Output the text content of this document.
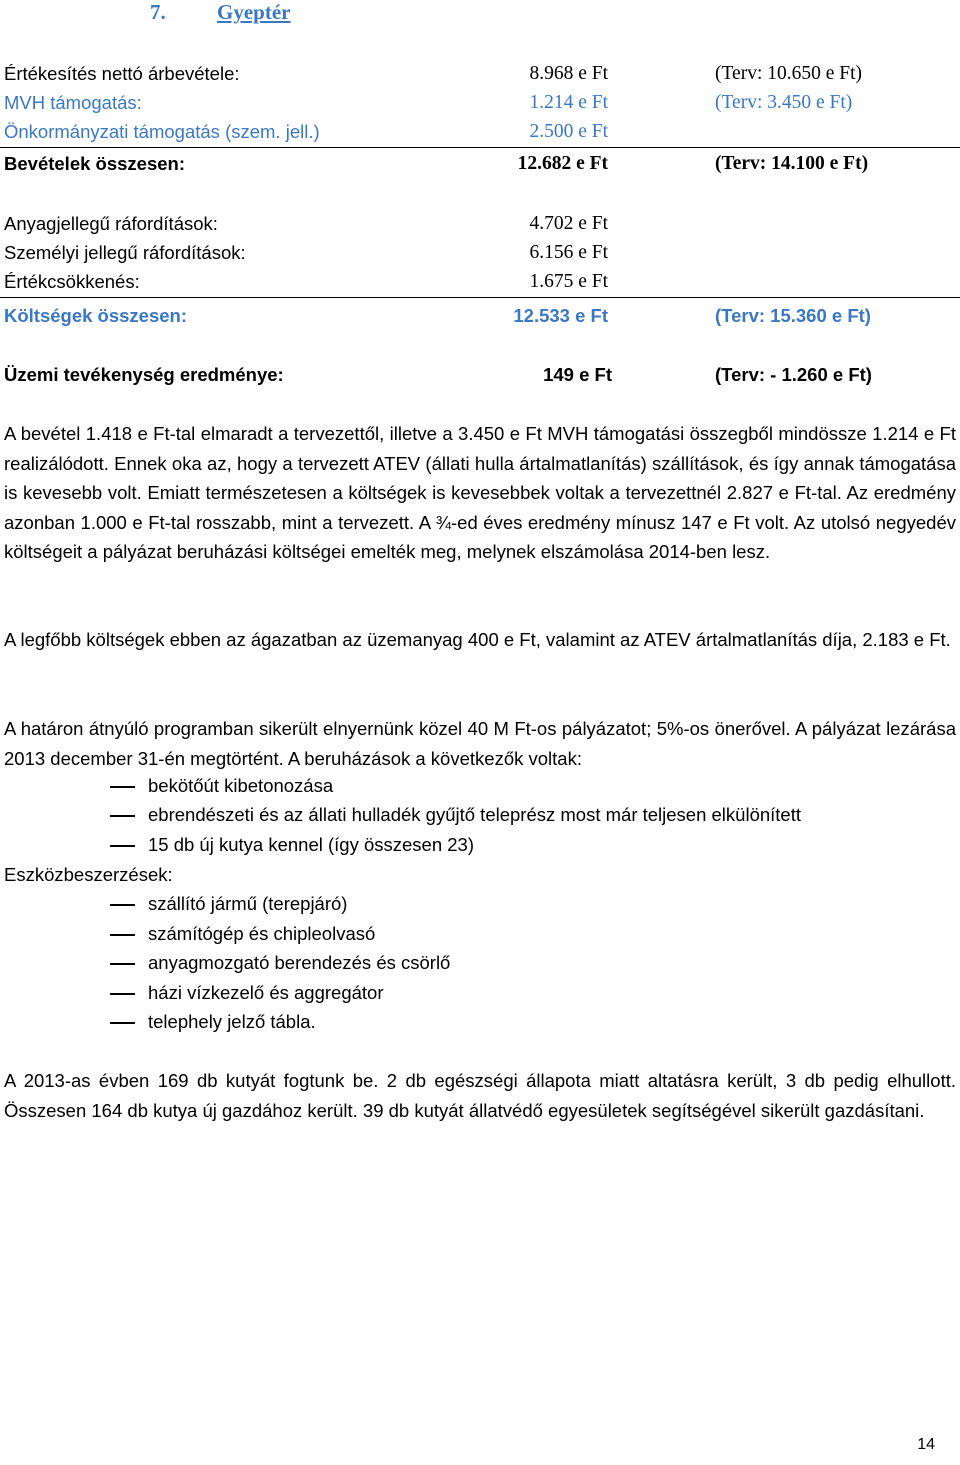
7. Gyeptér
Értékesítés nettó árbevétele:	8.968 e Ft	(Terv: 10.650 e Ft)
MVH támogatás:	1.214 e Ft	(Terv: 3.450 e Ft)
Önkormányzati támogatás (szem. jell.)	2.500 e Ft
Bevételek összesen:	12.682 e Ft	(Terv: 14.100 e Ft)
Anyagjellegű ráfordítások:	4.702 e Ft
Személyi jellegű ráfordítások:	6.156 e Ft
Értékcsökkenés:	1.675 e Ft
Költségek összesen:	12.533 e Ft	(Terv: 15.360 e Ft)
Üzemi tevékenység eredménye:	149 e Ft	(Terv: - 1.260 e Ft)
A bevétel 1.418 e Ft-tal elmaradt a tervezettől, illetve a 3.450 e Ft MVH támogatási összegből mindössze 1.214 e Ft realizálódott. Ennek oka az, hogy a tervezett ATEV (állati hulla ártalmatlanítás) szállítások, és így annak támogatása is kevesebb volt. Emiatt természetesen a költségek is kevesebbek voltak a tervezettnél 2.827 e Ft-tal. Az eredmény azonban 1.000 e Ft-tal rosszabb, mint a tervezett. A ¾-ed éves eredmény mínusz 147 e Ft volt. Az utolsó negyedév költségeit a pályázat beruházási költségei emelték meg, melynek elszámolása 2014-ben lesz.
A legfőbb költségek ebben az ágazatban az üzemanyag 400 e Ft, valamint az ATEV ártalmatlanítás díja, 2.183 e Ft.
A határon átnyúló programban sikerült elnyernünk közel 40 M Ft-os pályázatot; 5%-os önerővel. A pályázat lezárása 2013 december 31-én megtörtént. A beruházások a következők voltak:
bekötőút kibetonozása
ebrendészeti és az állati hulladék gyűjtő teleprész most már teljesen elkülönített
15 db új kutya kennel (így összesen 23)
Eszközbeszerzések:
szállító jármű (terepjáró)
számítógép és chipleolvasó
anyagmozgató berendezés és csörlő
házi vízkezelő és aggregátor
telephely jelző tábla.
A 2013-as évben 169 db kutyát fogtunk be. 2 db egészségi állapota miatt altatásra került, 3 db pedig elhullott. Összesen 164 db kutya új gazdához került. 39 db kutyát állatvédő egyesületek segítségével sikerült gazdásítani.
14
